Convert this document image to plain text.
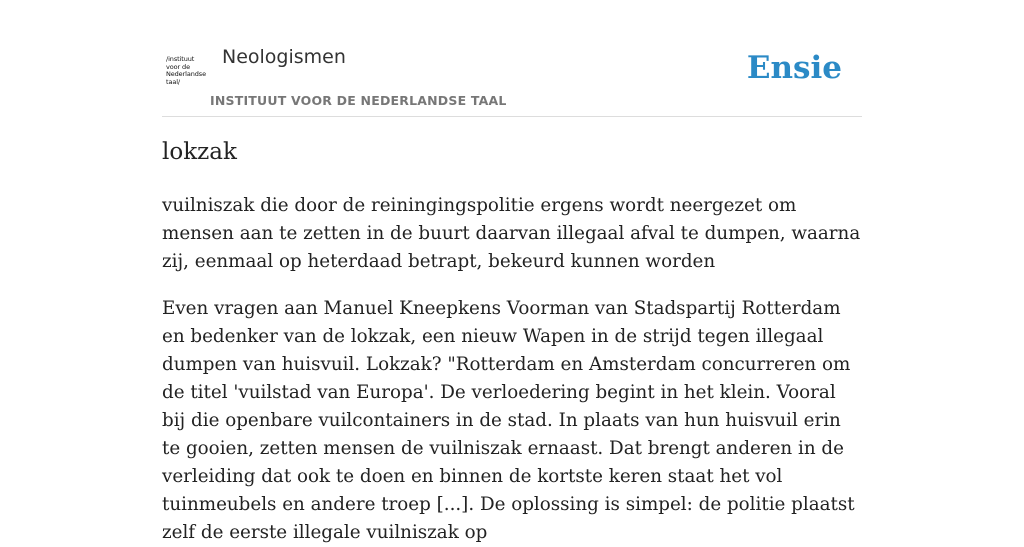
/instituut
voor de
Nederlandse
taal/
Neologismen
INSTITUUT VOOR DE NEDERLANDSE TAAL
Ensie
lokzak

vuilniszak die door de reiningingspolitie ergens wordt neergezet om mensen aan te zetten in de buurt daarvan illegaal afval te dumpen, waarna zij, eenmaal op heterdaad betrapt, bekeurd kunnen worden

Even vragen aan Manuel Kneepkens Voorman van Stadspartij Rotterdam en bedenker van de lokzak, een nieuw Wapen in de strijd tegen illegaal dumpen van huisvuil. Lokzak? "Rotterdam en Amsterdam concurreren om de titel 'vuilstad van Europa'. De verloedering begint in het klein. Vooral bij die openbare vuilcontainers in de stad. In plaats van hun huisvuil erin te gooien, zetten mensen de vuilniszak ernaast. Dat brengt anderen in de verleiding dat ook te doen en binnen de kortste keren staat het vol tuinmeubels en andere troep [...]. De oplossing is simpel: de politie plaatst zelf de eerste illegale vuilniszak op
